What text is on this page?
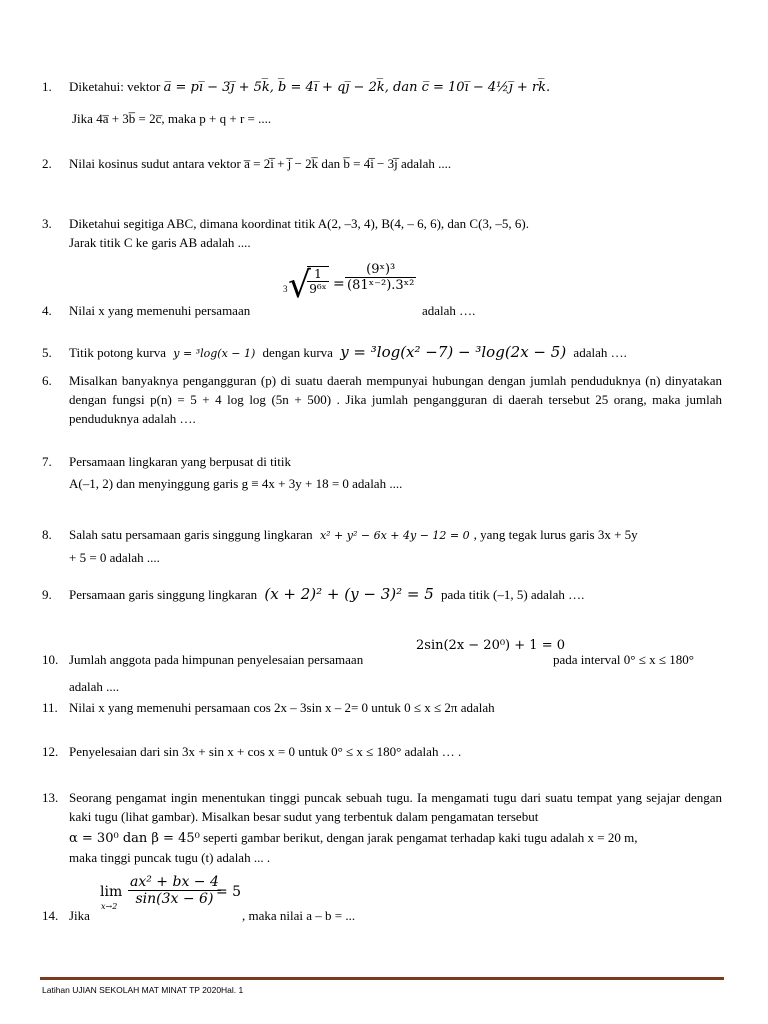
1.	Diketahui: vektor a̅ = pi̅ − 3j̅ + 5k̅, b̅ = 4i̅ + qj̅ − 2k̅, dan c̅ = 10i̅ − 4½j̅ + rk̅.

Jika 4a̅ + 3b̅ = 2c̅, maka p + q + r = ....

2.	Nilai kosinus sudut antara vektor a̅ = 2i̅ + j̅ − 2k̅ dan b̅ = 4i̅ − 3j̅ adalah ....

3.	Diketahui segitiga ABC, dimana koordinat titik A(2, –3, 4), B(4, – 6, 6), dan C(3, –5, 6).

Jarak titik C ke garis AB adalah ....

4.	Nilai x yang memenuhi persamaan

3 √
$\frac{1}{\text{9⁶ˣ}} = \frac{\text{(9ˣ)³}}{\text{(81ˣ⁻²).3ˣ²}}$
adalah ….
5.	Titik potong kurva y = ³log(x − 1) dengan kurva y = ³log(x² −7) − ³log(2x − 5) adalah ….

6.	Misalkan banyaknya pengangguran (p) di suatu daerah mempunyai hubungan dengan jumlah penduduknya (n) dinyatakan dengan fungsi p(n) = 5 + 4 log log (5n + 500) . Jika jumlah pengangguran di daerah tersebut 25 orang, maka jumlah penduduknya adalah ….

7.	Persamaan lingkaran yang berpusat di titik

A(–1, 2) dan menyinggung garis g ≡ 4x + 3y + 18 = 0 adalah ....

8.	Salah satu persamaan garis singgung lingkaran x² + y² − 6x + 4y − 12 = 0 , yang tegak lurus garis 3x + 5y

+ 5 = 0 adalah ....

9.	Persamaan garis singgung lingkaran (x + 2)² + (y − 3)² = 5 pada titik (–1, 5) adalah ….

2sin(2x − 20⁰) + 1 = 0
10. Jumlah anggota pada himpunan penyelesaian persamaan

adalah ....

pada interval 0° ≤ x ≤ 180°
11. Nilai x yang memenuhi persamaan cos 2x – 3sin x – 2= 0 untuk 0 ≤ x ≤ 2π adalah

12. Penyelesaian dari sin 3x + sin x + cos x = 0 untuk 0° ≤ x ≤ 180° adalah … .

13. Seorang pengamat ingin menentukan tinggi puncak sebuah tugu. Ia mengamati tugu dari suatu tempat yang sejajar dengan kaki tugu (lihat gambar). Misalkan besar sudut yang terbentuk dalam pengamatan tersebut

α = 30⁰ dan β = 45⁰ seperti gambar berikut, dengan jarak pengamat terhadap kaki tugu adalah x = 20 m,

maka tinggi puncak tugu (t) adalah ... .

lim
$x\to 2 \frac{\text{ax² + bx − 4}}{\sin(3x - 6)}$
= 5
14. Jika	, maka nilai a – b = ...
Latihan UJIAN SEKOLAH MAT MINAT TP 2020Hal. 1
